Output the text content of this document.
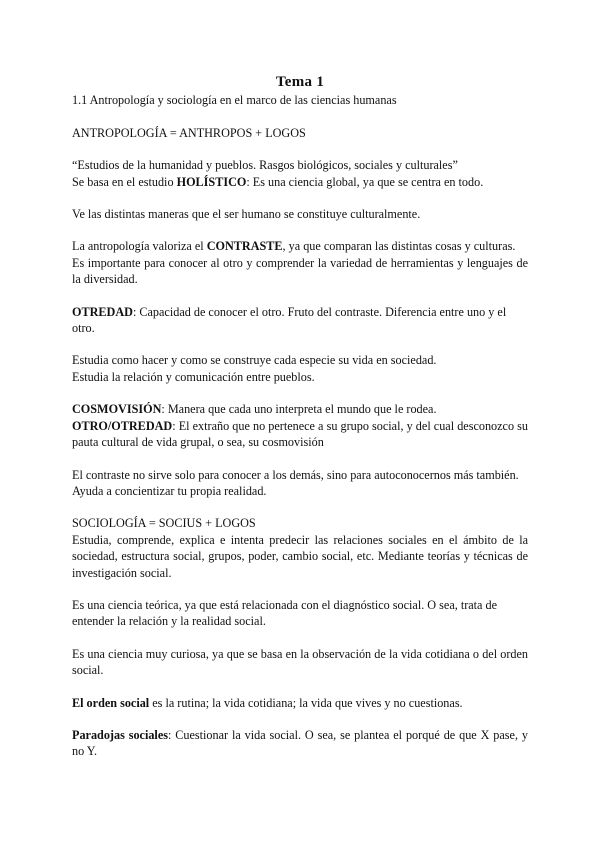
Tema 1

1.1 Antropología y sociología en el marco de las ciencias humanas

ANTROPOLOGÍA = ANTHROPOS + LOGOS

“Estudios de la humanidad y pueblos. Rasgos biológicos, sociales y culturales”
Se basa en el estudio HOLÍSTICO: Es una ciencia global, ya que se centra en todo.

Ve las distintas maneras que el ser humano se constituye culturalmente.

La antropología valoriza el CONTRASTE, ya que comparan las distintas cosas y culturas.
Es importante para conocer al otro y comprender la variedad de herramientas y lenguajes de la diversidad.

OTREDAD: Capacidad de conocer el otro. Fruto del contraste. Diferencia entre uno y el otro.

Estudia como hacer y como se construye cada especie su vida en sociedad.
Estudia la relación y comunicación entre pueblos.

COSMOVISIÓN: Manera que cada uno interpreta el mundo que le rodea.
OTRO/OTREDAD: El extraño que no pertenece a su grupo social, y del cual desconozco su pauta cultural de vida grupal, o sea, su cosmovisión

El contraste no sirve solo para conocer a los demás, sino para autoconocernos más también. Ayuda a concientizar tu propia realidad.

SOCIOLOGÍA = SOCIUS + LOGOS
Estudia, comprende, explica e intenta predecir las relaciones sociales en el ámbito de la sociedad, estructura social, grupos, poder, cambio social, etc. Mediante teorías y técnicas de investigación social.

Es una ciencia teórica, ya que está relacionada con el diagnóstico social. O sea, trata de entender la relación y la realidad social.

Es una ciencia muy curiosa, ya que se basa en la observación de la vida cotidiana o del orden social.

El orden social es la rutina; la vida cotidiana; la vida que vives y no cuestionas.

Paradojas sociales: Cuestionar la vida social. O sea, se plantea el porqué de que X pase, y no Y.
